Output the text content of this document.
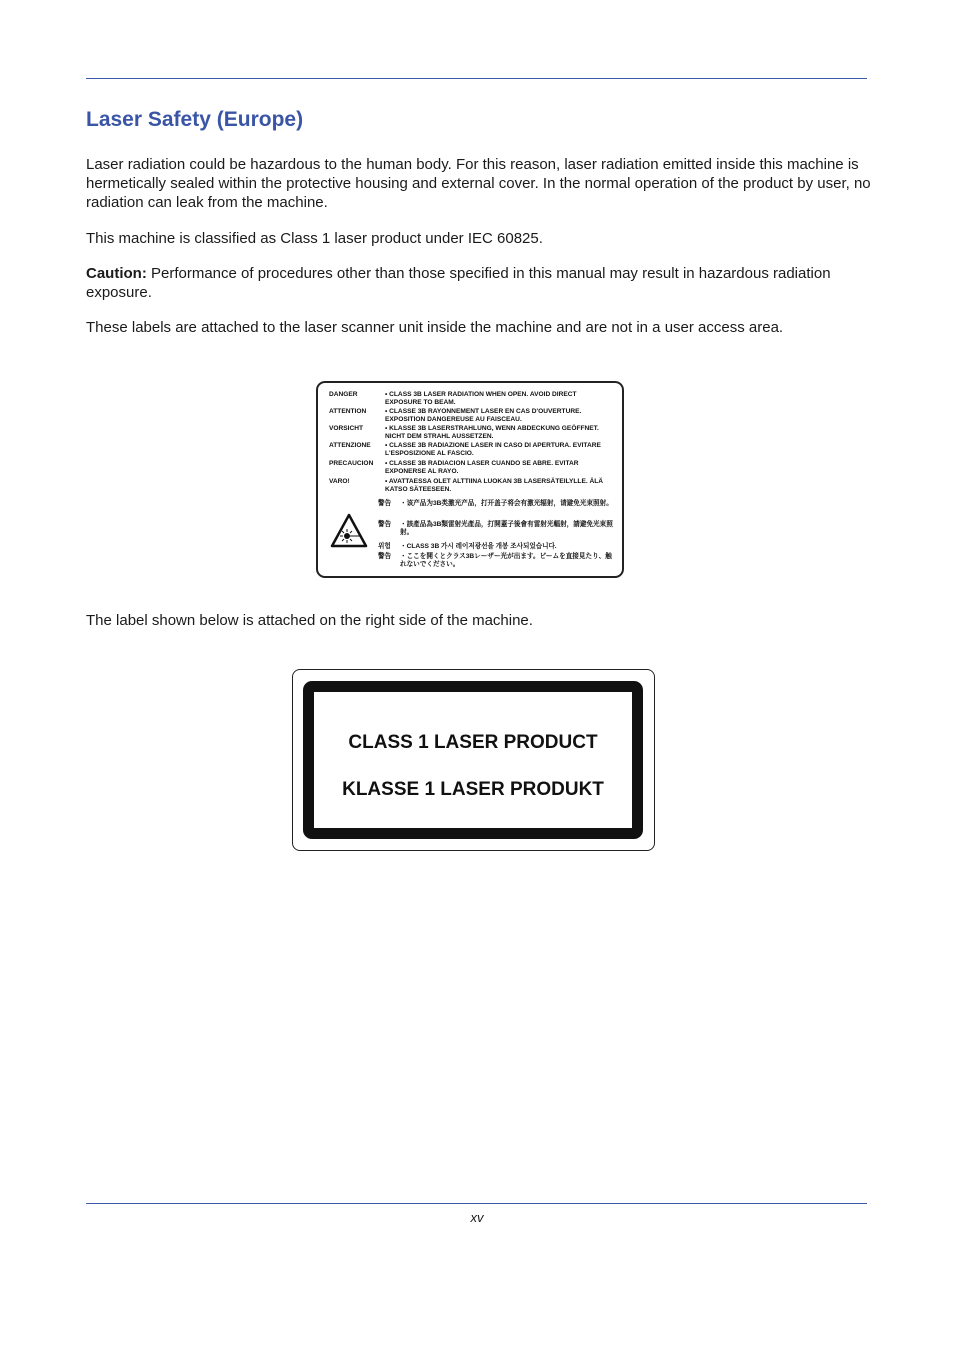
Laser Safety (Europe)

Laser radiation could be hazardous to the human body. For this reason, laser radiation emitted inside this machine is hermetically sealed within the protective housing and external cover. In the normal operation of the product by user, no radiation can leak from the machine.

This machine is classified as Class 1 laser product under IEC 60825.

Caution: Performance of procedures other than those specified in this manual may result in hazardous radiation exposure.

These labels are attached to the laser scanner unit inside the machine and are not in a user access area.

DANGER	• CLASS 3B LASER RADIATION WHEN OPEN. AVOID DIRECT EXPOSURE TO BEAM.
ATTENTION	• CLASSE 3B RAYONNEMENT LASER EN CAS D'OUVERTURE. EXPOSITION DANGEREUSE AU FAISCEAU.
VORSICHT	• KLASSE 3B LASERSTRAHLUNG, WENN ABDECKUNG GEÖFFNET. NICHT DEM STRAHL AUSSETZEN.
ATTENZIONE	• CLASSE 3B RADIAZIONE LASER IN CASO DI APERTURA. EVITARE L'ESPOSIZIONE AL FASCIO.
PRECAUCION	• CLASSE 3B RADIACION LASER CUANDO SE ABRE. EVITAR EXPONERSE AL RAYO.
VARO!	• AVATTAESSA OLET ALTTIINA LUOKAN 3B LASERSÄTEILYLLE. ÄLÄ KATSO SÄTEESEEN.
警告	・该产品为3B类激光产品，打开盖子将会有激光辐射，请避免光束照射。
警告	・該產品為3B類雷射光產品，打開蓋子後會有雷射光輻射，請避免光束照射。
위험	・CLASS 3B 가시 레이저광선을 개봉 조사되었습니다.
警告	・ここを開くとクラス3Bレーザー光が出ます。ビームを直接見たり、触れないでください。

The label shown below is attached on the right side of the machine.

CLASS 1 LASER PRODUCT
KLASSE 1 LASER PRODUKT
xv
